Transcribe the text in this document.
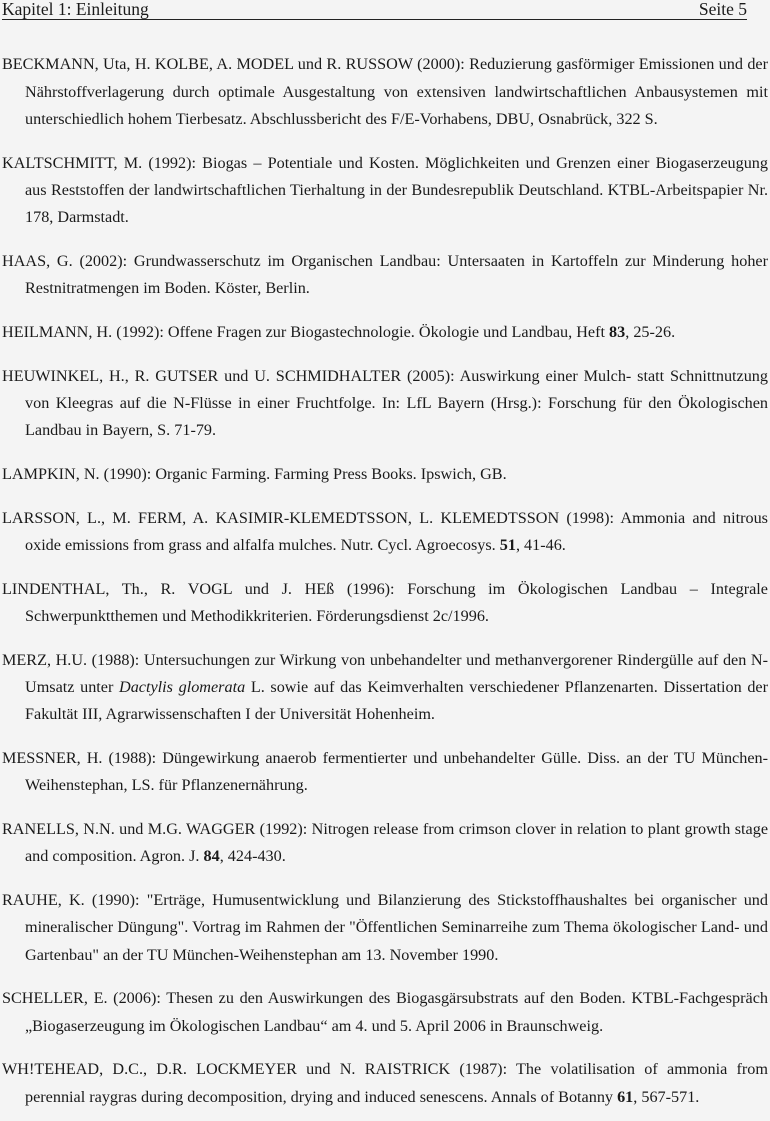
Kapitel 1: Einleitung	Seite 5

BECKMANN, Uta, H. KOLBE, A. MODEL und R. RUSSOW (2000): Reduzierung gasförmiger Emissionen und der Nährstoffverlagerung durch optimale Ausgestaltung von extensiven landwirtschaftlichen Anbausystemen mit unterschiedlich hohem Tierbesatz. Abschlussbericht des F/E-Vorhabens, DBU, Osnabrück, 322 S.

KALTSCHMITT, M. (1992): Biogas – Potentiale und Kosten. Möglichkeiten und Grenzen einer Biogaserzeugung aus Reststoffen der landwirtschaftlichen Tierhaltung in der Bundesrepublik Deutschland. KTBL-Arbeitspapier Nr. 178, Darmstadt.

HAAS, G. (2002): Grundwasserschutz im Organischen Landbau: Untersaaten in Kartoffeln zur Minderung hoher Restnitratmengen im Boden. Köster, Berlin.

HEILMANN, H. (1992): Offene Fragen zur Biogastechnologie. Ökologie und Landbau, Heft 83, 25-26.

HEUWINKEL, H., R. GUTSER und U. SCHMIDHALTER (2005): Auswirkung einer Mulch- statt Schnittnutzung von Kleegras auf die N-Flüsse in einer Fruchtfolge. In: LfL Bayern (Hrsg.): Forschung für den Ökologischen Landbau in Bayern, S. 71-79.

LAMPKIN, N. (1990): Organic Farming. Farming Press Books. Ipswich, GB.

LARSSON, L., M. FERM, A. KASIMIR-KLEMEDTSSON, L. KLEMEDTSSON (1998): Ammonia and nitrous oxide emissions from grass and alfalfa mulches. Nutr. Cycl. Agroecosys. 51, 41-46.

LINDENTHAL, Th., R. VOGL und J. HEß (1996): Forschung im Ökologischen Landbau – Integrale Schwerpunktthemen und Methodikkriterien. Förderungsdienst 2c/1996.

MERZ, H.U. (1988): Untersuchungen zur Wirkung von unbehandelter und methanvergorener Rindergülle auf den N-Umsatz unter Dactylis glomerata L. sowie auf das Keimverhalten verschiedener Pflanzenarten. Dissertation der Fakultät III, Agrarwissenschaften I der Universität Hohenheim.

MESSNER, H. (1988): Düngewirkung anaerob fermentierter und unbehandelter Gülle. Diss. an der TU München-Weihenstephan, LS. für Pflanzenernährung.

RANELLS, N.N. und M.G. WAGGER (1992): Nitrogen release from crimson clover in relation to plant growth stage and composition. Agron. J. 84, 424-430.

RAUHE, K. (1990): "Erträge, Humusentwicklung und Bilanzierung des Stickstoffhaushaltes bei organischer und mineralischer Düngung". Vortrag im Rahmen der "Öffentlichen Seminarreihe zum Thema ökologischer Land- und Gartenbau" an der TU München-Weihenstephan am 13. November 1990.

SCHELLER, E. (2006): Thesen zu den Auswirkungen des Biogasgärsubstrats auf den Boden. KTBL-Fachgespräch „Biogaserzeugung im Ökologischen Landbau“ am 4. und 5. April 2006 in Braunschweig.

WH!TEHEAD, D.C., D.R. LOCKMEYER und N. RAISTRICK (1987): The volatilisation of ammonia from perennial raygras during decomposition, drying and induced senescens. Annals of Botanny 61, 567-571.
